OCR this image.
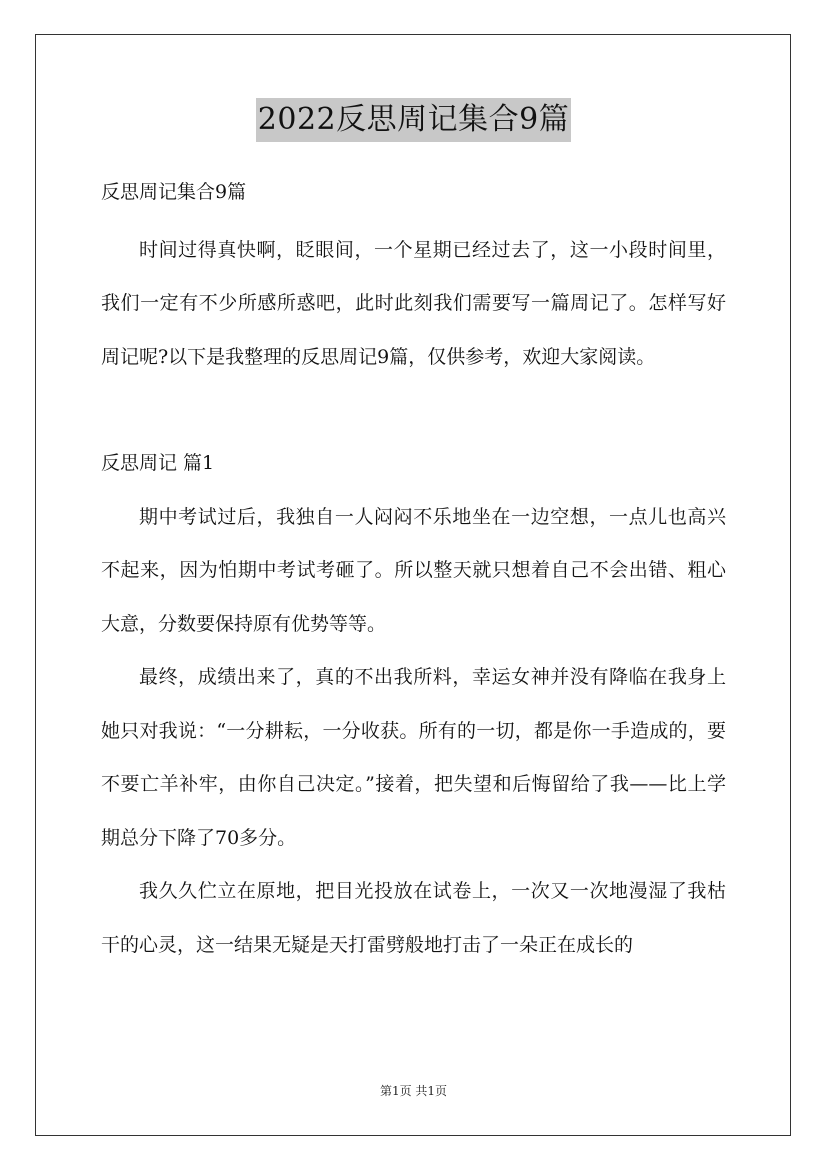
2022反思周记集合9篇
反思周记集合9篇

时间过得真快啊，眨眼间，一个星期已经过去了，这一小段时间里，我们一定有不少所感所惑吧，此时此刻我们需要写一篇周记了。怎样写好周记呢?以下是我整理的反思周记9篇，仅供参考，欢迎大家阅读。

反思周记 篇1

期中考试过后，我独自一人闷闷不乐地坐在一边空想，一点儿也高兴不起来，因为怕期中考试考砸了。所以整天就只想着自己不会出错、粗心大意，分数要保持原有优势等等。

最终，成绩出来了，真的不出我所料，幸运女神并没有降临在我身上她只对我说：“一分耕耘，一分收获。所有的一切，都是你一手造成的，要不要亡羊补牢，由你自己决定。”接着，把失望和后悔留给了我——比上学期总分下降了70多分。

我久久伫立在原地，把目光投放在试卷上，一次又一次地漫湿了我枯干的心灵，这一结果无疑是天打雷劈般地打击了一朵正在成长的

第1页 共1页
